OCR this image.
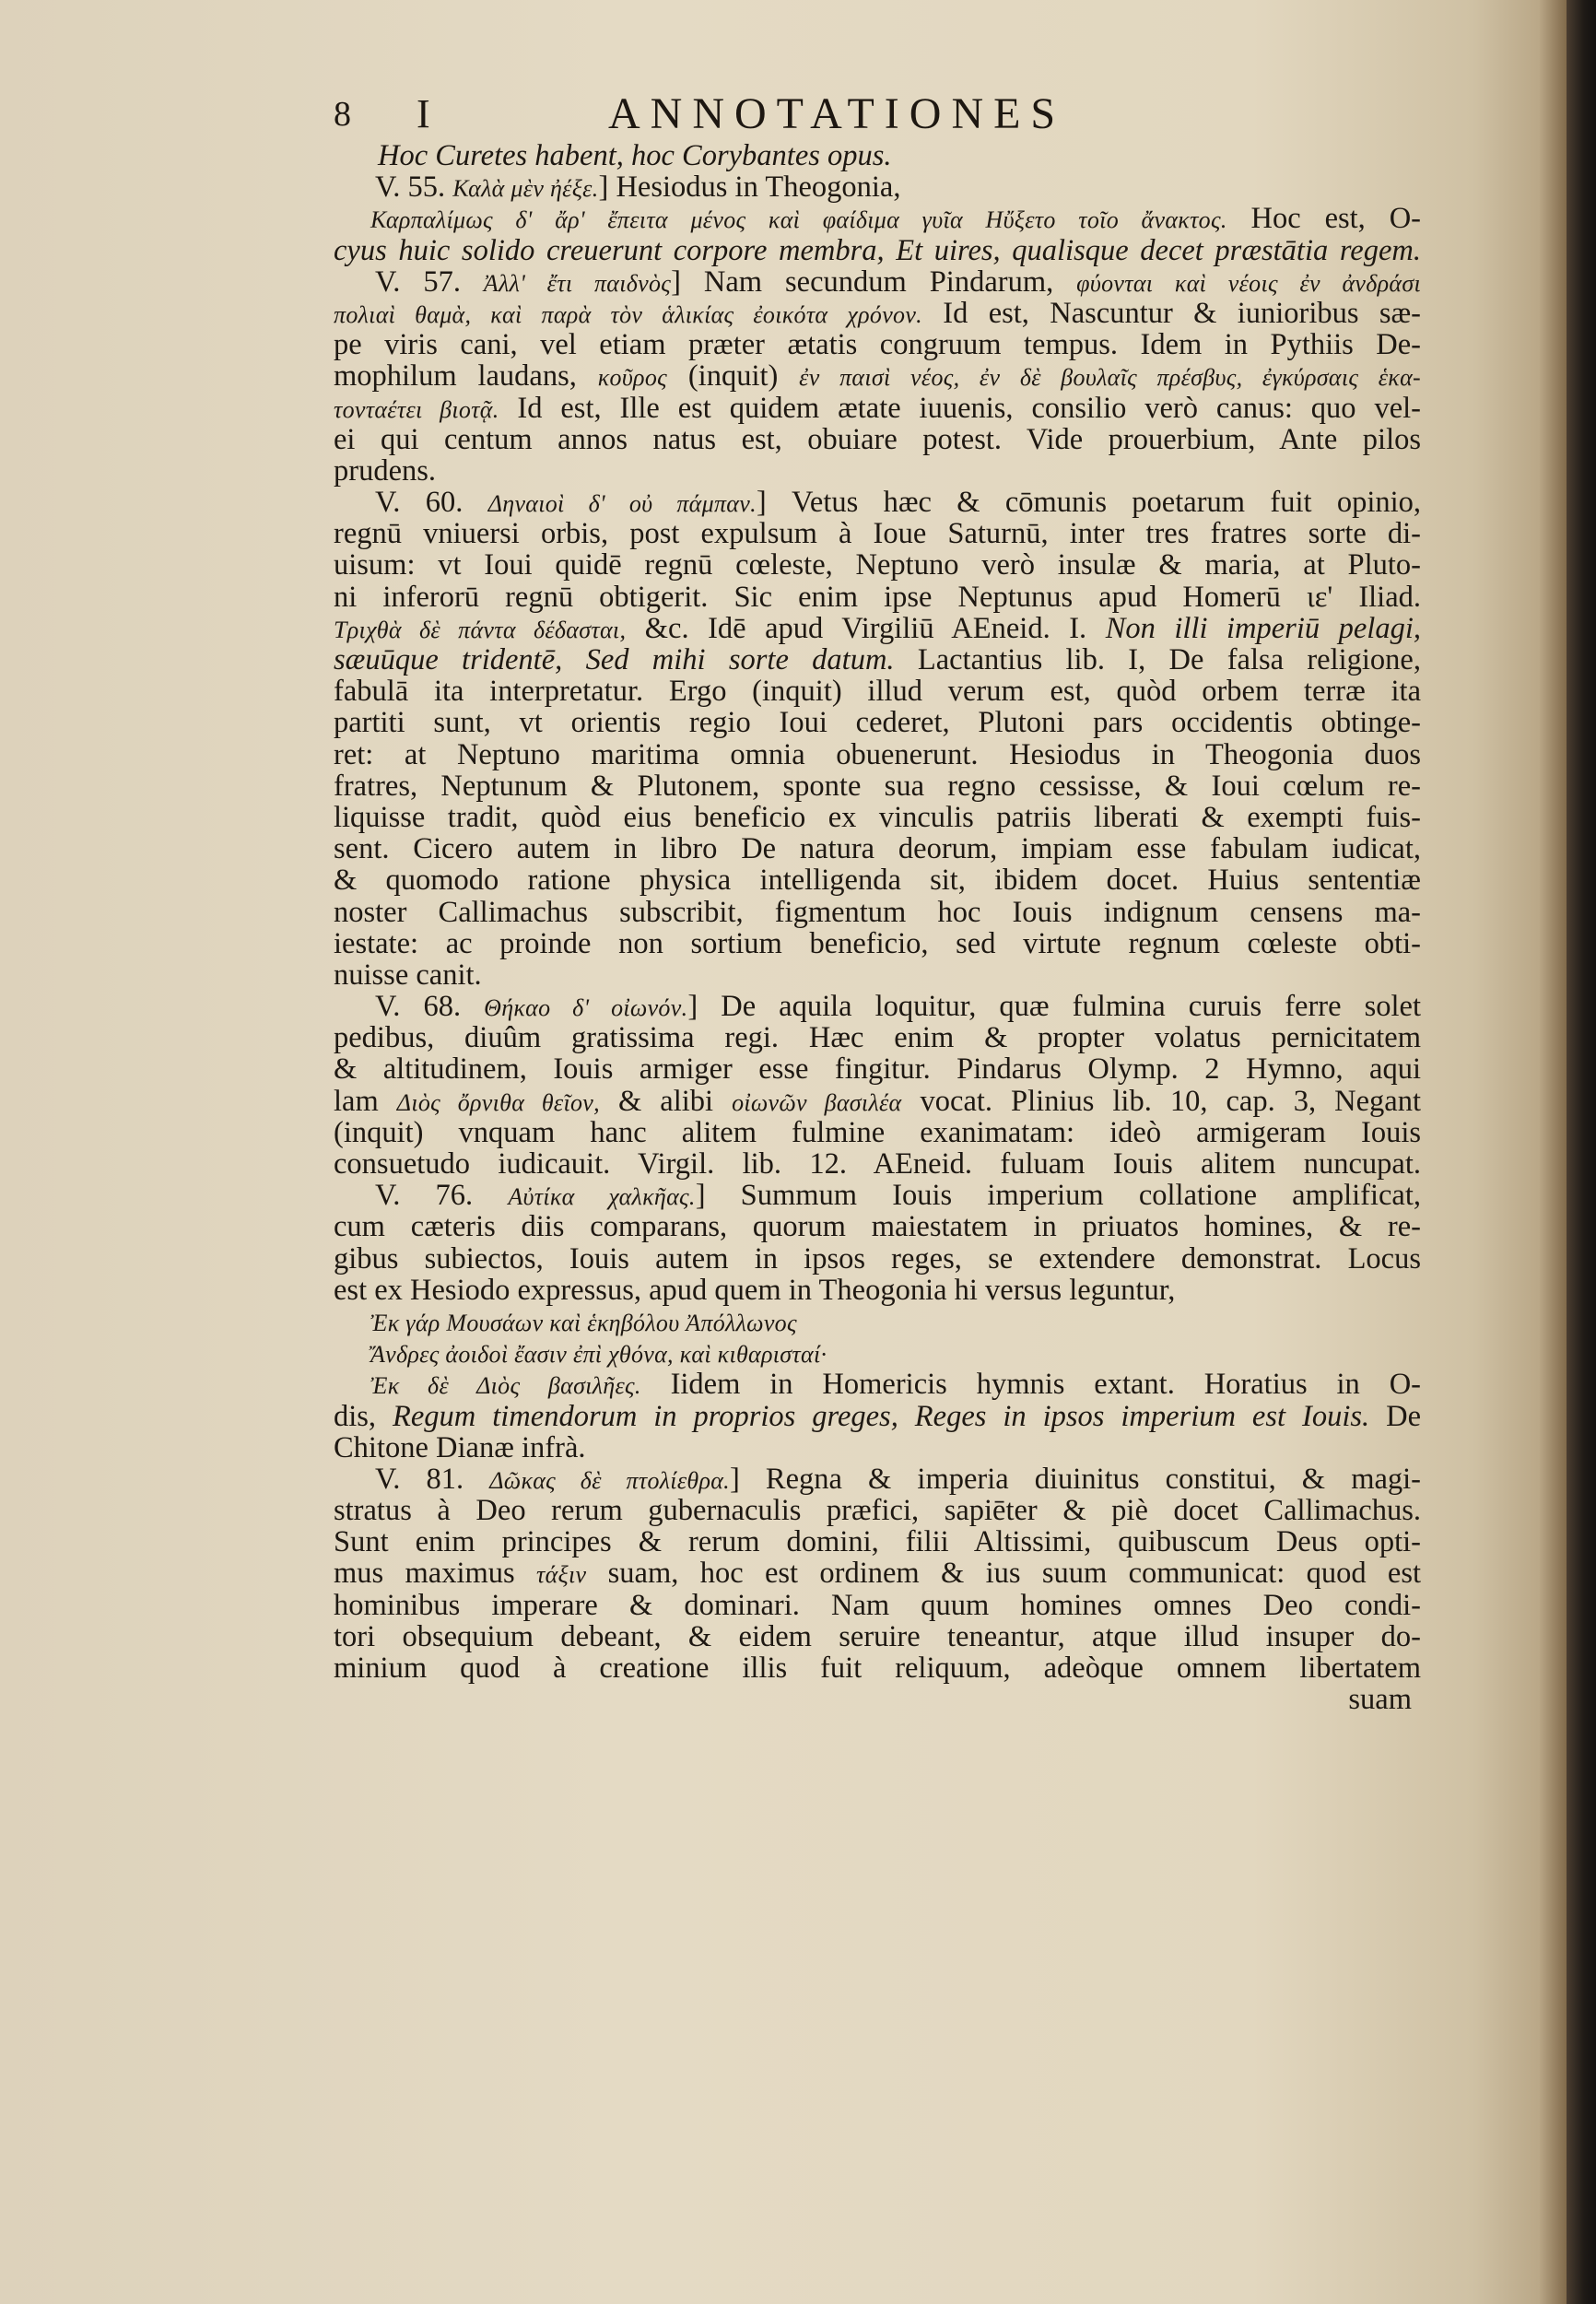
8 I	ANNOTATIONES
Hoc Curetes habent, hoc Corybantes opus.
V. 55. Καλὰ μὲν ἠέξε.] Hesiodus in Theogonia,
Καρπαλίμως δ' ἄρ' ἔπειτα μένος καὶ φαίδιμα γυῖα Ηὔξετο τοῖο ἄνακτος. Hoc est, O-
cyus huic solido creuerunt corpore membra, Et uires, qualisque decet præstātia regem.
V. 57. Ἀλλ' ἔτι παιδνὸς] Nam secundum Pindarum, φύονται καὶ νέοις ἐν ἀνδράσι
πολιαὶ θαμὰ, καὶ παρὰ τὸν ἁλικίας ἐοικότα χρόνον. Id est, Nascuntur & iunioribus sæ-
pe viris cani, vel etiam præter ætatis congruum tempus. Idem in Pythiis De-
mophilum laudans, κοῦρος (inquit) ἐν παισὶ νέος, ἐν δὲ βουλαῖς πρέσβυς, ἐγκύρσαις ἑκα-
τονταέτει βιοτᾷ. Id est, Ille est quidem ætate iuuenis, consilio verò canus: quo vel-
ei qui centum annos natus est, obuiare potest. Vide prouerbium, Ante pilos
prudens.
V. 60. Δηναιοὶ δ' οὐ πάμπαν.] Vetus hæc & cōmunis poetarum fuit opinio,
regnū vniuersi orbis, post expulsum à Ioue Saturnū, inter tres fratres sorte di-
uisum: vt Ioui quidē regnū cœleste, Neptuno verò insulæ & maria, at Pluto-
ni inferorū regnū obtigerit. Sic enim ipse Neptunus apud Homerū ιε' Iliad.
Τριχθὰ δὲ πάντα δέδασται, &c. Idē apud Virgiliū AEneid. I. Non illi imperiū pelagi,
sæuūque tridentē, Sed mihi sorte datum. Lactantius lib. I, De falsa religione,
fabulā ita interpretatur. Ergo (inquit) illud verum est, quòd orbem terræ ita
partiti sunt, vt orientis regio Ioui cederet, Plutoni pars occidentis obtinge-
ret: at Neptuno maritima omnia obuenerunt. Hesiodus in Theogonia duos
fratres, Neptunum & Plutonem, sponte sua regno cessisse, & Ioui cœlum re-
liquisse tradit, quòd eius beneficio ex vinculis patriis liberati & exempti fuis-
sent. Cicero autem in libro De natura deorum, impiam esse fabulam iudicat,
& quomodo ratione physica intelligenda sit, ibidem docet. Huius sententiæ
noster Callimachus subscribit, figmentum hoc Iouis indignum censens ma-
iestate: ac proinde non sortium beneficio, sed virtute regnum cœleste obti-
nuisse canit.
V. 68. Θήκαο δ' οἰωνόν.] De aquila loquitur, quæ fulmina curuis ferre solet
pedibus, diuûm gratissima regi. Hæc enim & propter volatus pernicitatem
& altitudinem, Iouis armiger esse fingitur. Pindarus Olymp. 2 Hymno, aqui
lam Διὸς ὄρνιθα θεῖον, & alibi οἰωνῶν βασιλέα vocat. Plinius lib. 10, cap. 3, Negant
(inquit) vnquam hanc alitem fulmine exanimatam: ideò armigeram Iouis
consuetudo iudicauit. Virgil. lib. 12. AEneid. fuluam Iouis alitem nuncupat.
V. 76. Αὐτίκα χαλκῆας.] Summum Iouis imperium collatione amplificat,
cum cæteris diis comparans, quorum maiestatem in priuatos homines, & re-
gibus subiectos, Iouis autem in ipsos reges, se extendere demonstrat. Locus
est ex Hesiodo expressus, apud quem in Theogonia hi versus leguntur,
Ἐκ γάρ Μουσάων καὶ ἑκηβόλου Ἀπόλλωνος
Ἄνδρες ἀοιδοὶ ἔασιν ἐπὶ χθόνα, καὶ κιθαρισταί·
Ἐκ δὲ Διὸς βασιλῆες. Iidem in Homericis hymnis extant. Horatius in O-
dis, Regum timendorum in proprios greges, Reges in ipsos imperium est Iouis. De
Chitone Dianæ infrà.
V. 81. Δῶκας δὲ πτολίεθρα.] Regna & imperia diuinitus constitui, & magi-
stratus à Deo rerum gubernaculis præfici, sapiēter & piè docet Callimachus.
Sunt enim principes & rerum domini, filii Altissimi, quibuscum Deus opti-
mus maximus τάξιν suam, hoc est ordinem & ius suum communicat: quod est
hominibus imperare & dominari. Nam quum homines omnes Deo condi-
tori obsequium debeant, & eidem seruire teneantur, atque illud insuper do-
minium quod à creatione illis fuit reliquum, adeòque omnem libertatem
suam
